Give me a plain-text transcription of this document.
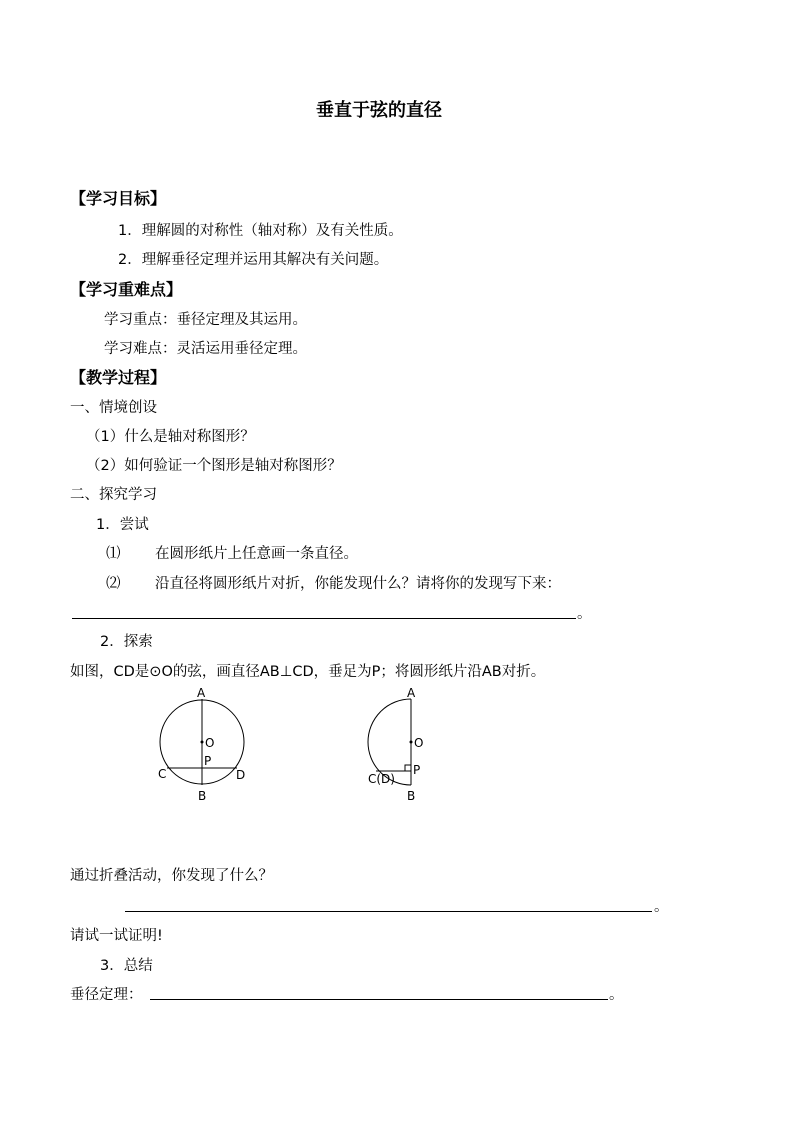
垂直于弦的直径
【学习目标】
1．理解圆的对称性（轴对称）及有关性质。
2．理解垂径定理并运用其解决有关问题。
【学习重难点】
学习重点：垂径定理及其运用。
学习难点：灵活运用垂径定理。
【教学过程】
一、情境创设
（1）什么是轴对称图形？
（2）如何验证一个图形是轴对称图形？
二、探究学习
1．尝试
⑴ 在圆形纸片上任意画一条直径。
⑵ 沿直径将圆形纸片对折，你能发现什么？请将你的发现写下来：
。
2．探索
如图，CD是⊙O的弦，画直径AB⊥CD，垂足为P；将圆形纸片沿AB对折。
A
O
P
C	D
B
A
O
P
C(D)
B
通过折叠活动，你发现了什么？
。
请试一试证明!
3．总结
垂径定理：	。
